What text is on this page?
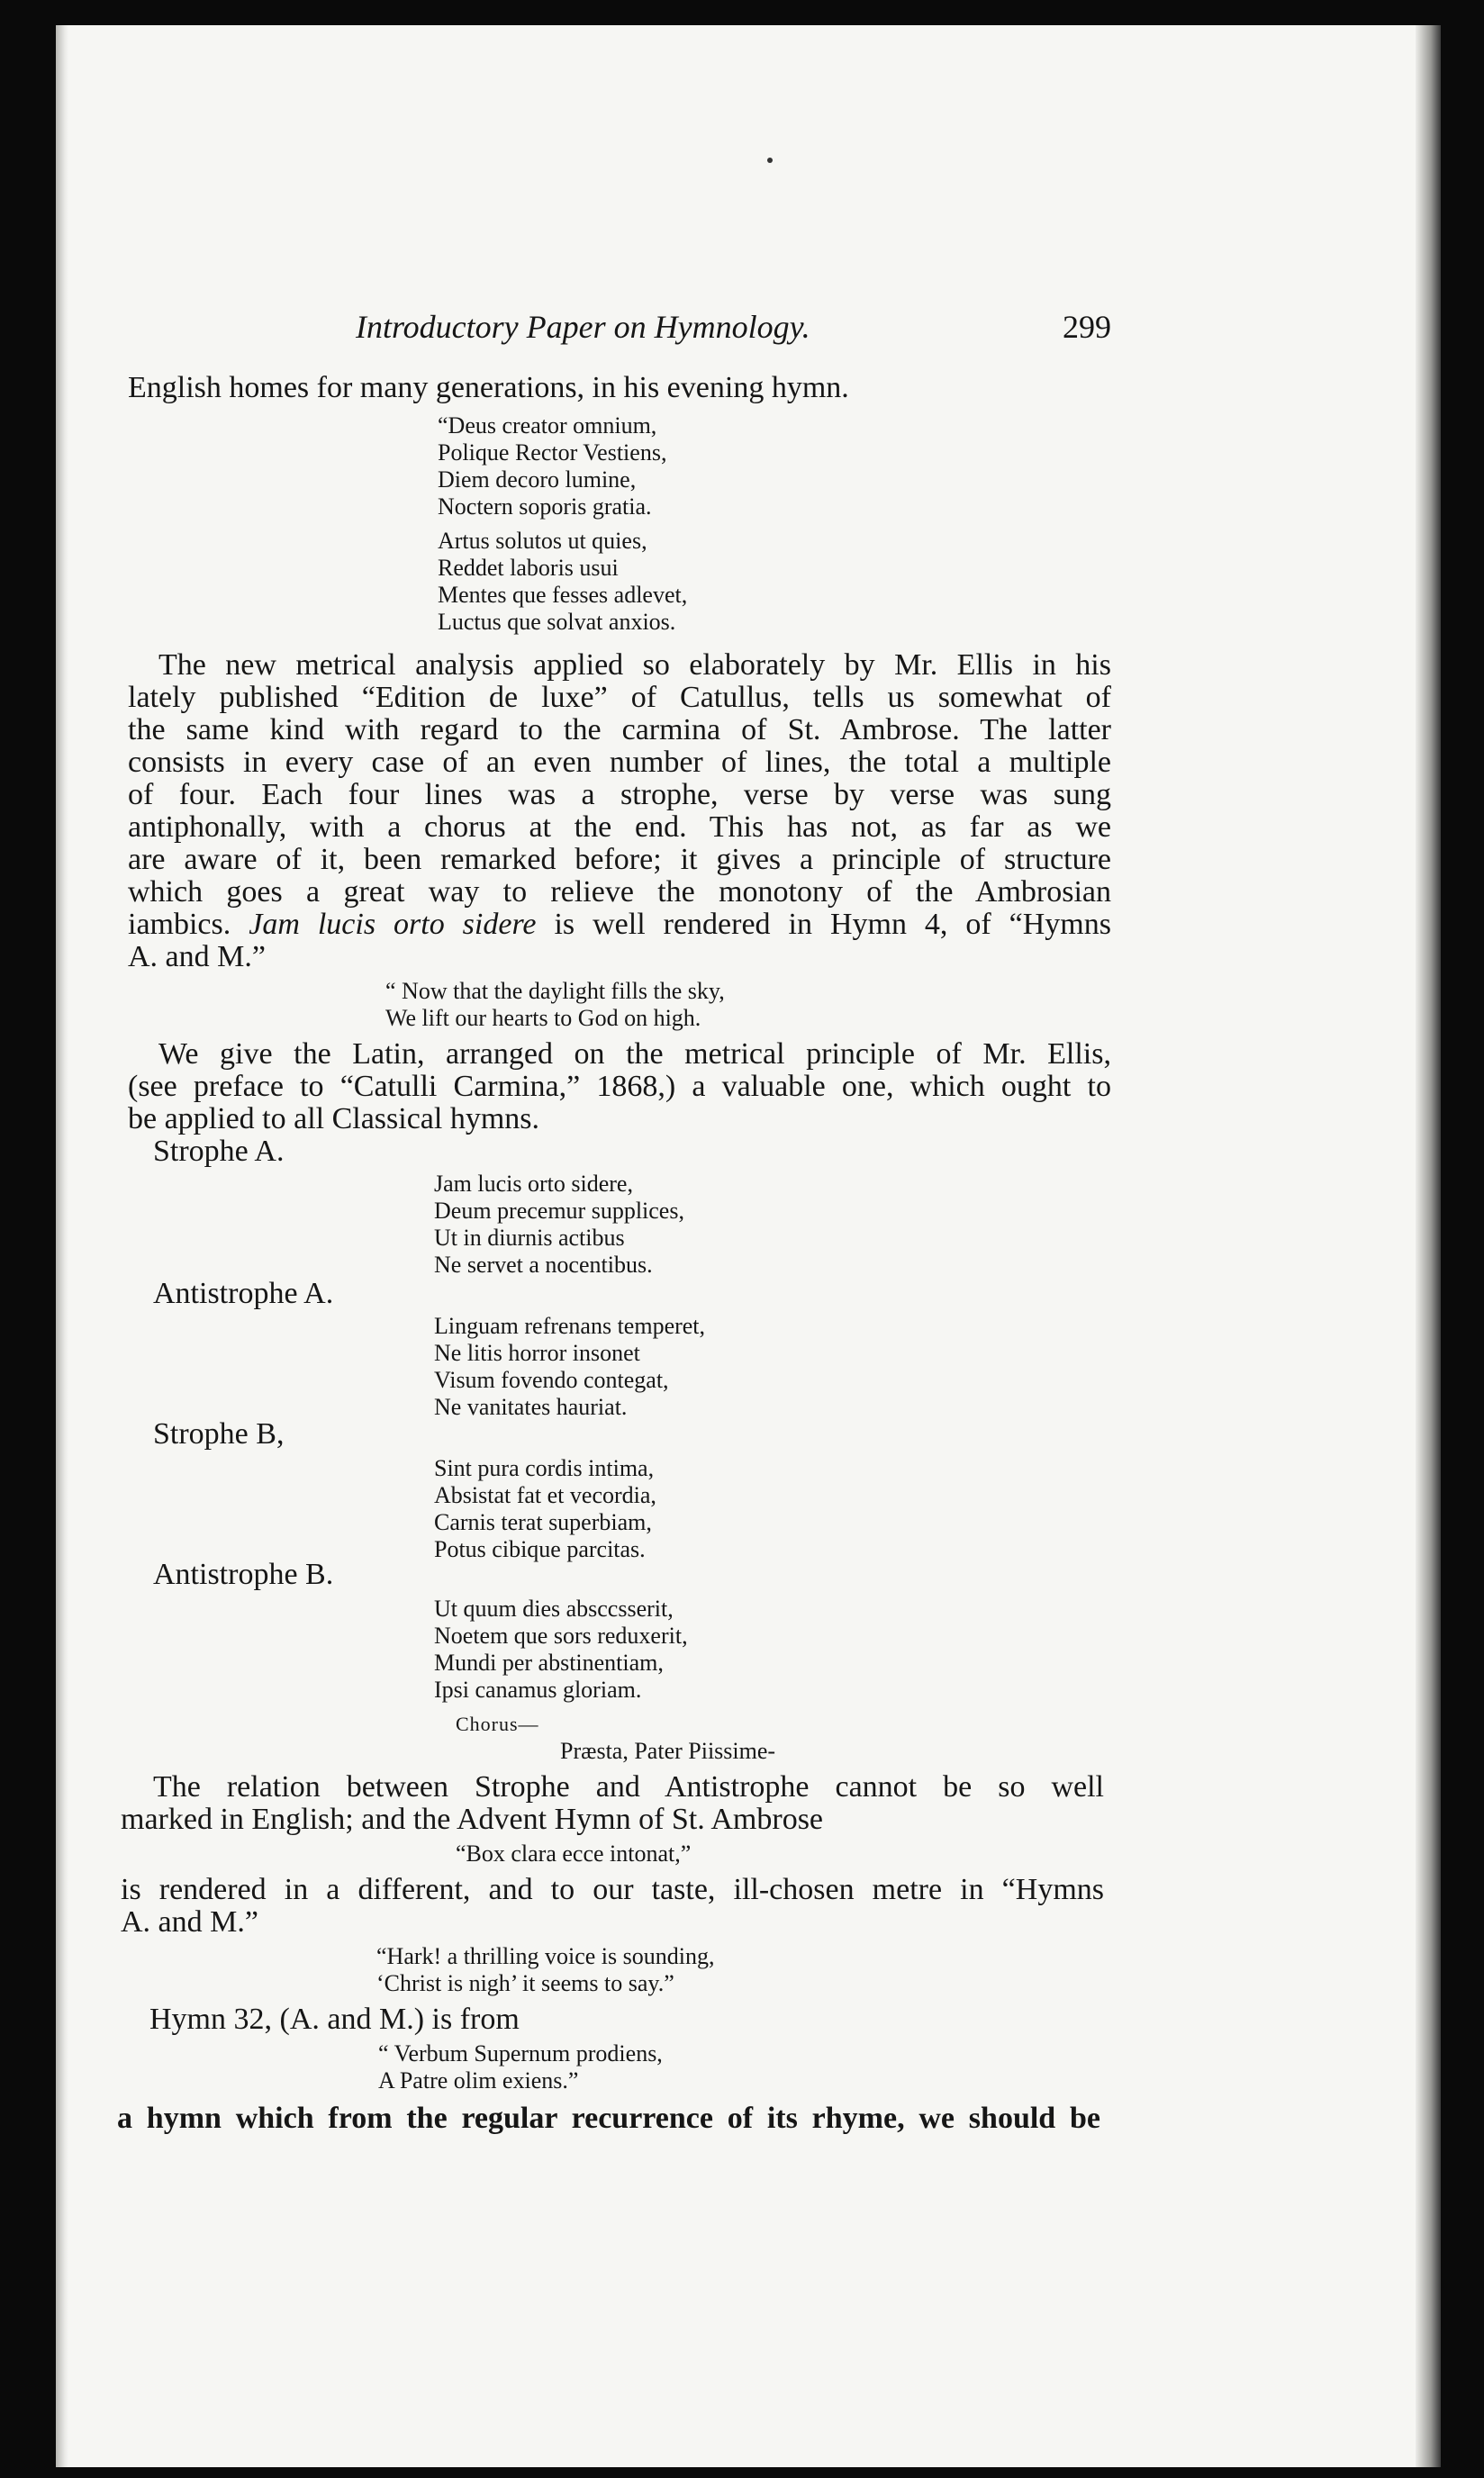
Introductory Paper on Hymnology.	299
English homes for many generations, in his evening hymn.
“Deus creator omnium,
Polique Rector Vestiens,
Diem decoro lumine,
Noctern soporis gratia.
Artus solutos ut quies,
Reddet laboris usui
Mentes que fesses adlevet,
Luctus que solvat anxios.
The new metrical analysis applied so elaborately by Mr. Ellis in his
lately published “Edition de luxe” of Catullus, tells us somewhat of
the same kind with regard to the carmina of St. Ambrose. The latter
consists in every case of an even number of lines, the total a multiple
of four. Each four lines was a strophe, verse by verse was sung
antiphonally, with a chorus at the end. This has not, as far as we
are aware of it, been remarked before; it gives a principle of structure
which goes a great way to relieve the monotony of the Ambrosian
iambics. Jam lucis orto sidere is well rendered in Hymn 4, of “Hymns
A. and M.”
“ Now that the daylight fills the sky,
We lift our hearts to God on high.
We give the Latin, arranged on the metrical principle of Mr. Ellis,
(see preface to “Catulli Carmina,” 1868,) a valuable one, which ought to
be applied to all Classical hymns.
Strophe A.
Jam lucis orto sidere,
Deum precemur supplices,
Ut in diurnis actibus
Ne servet a nocentibus.
Antistrophe A.
Linguam refrenans temperet,
Ne litis horror insonet
Visum fovendo contegat,
Ne vanitates hauriat.
Strophe B,
Sint pura cordis intima,
Absistat fat et vecordia,
Carnis terat superbiam,
Potus cibique parcitas.
Antistrophe B.
Ut quum dies absccsserit,
Noetem que sors reduxerit,
Mundi per abstinentiam,
Ipsi canamus gloriam.
Chorus—
Præsta, Pater Piissime-
The relation between Strophe and Antistrophe cannot be so well
marked in English; and the Advent Hymn of St. Ambrose
“Box clara ecce intonat,”
is rendered in a different, and to our taste, ill-chosen metre in “Hymns
A. and M.”
“Hark! a thrilling voice is sounding,
‘Christ is nigh’ it seems to say.”
Hymn 32, (A. and M.) is from
“ Verbum Supernum prodiens,
A Patre olim exiens.”
a hymn which from the regular recurrence of its rhyme, we should be
